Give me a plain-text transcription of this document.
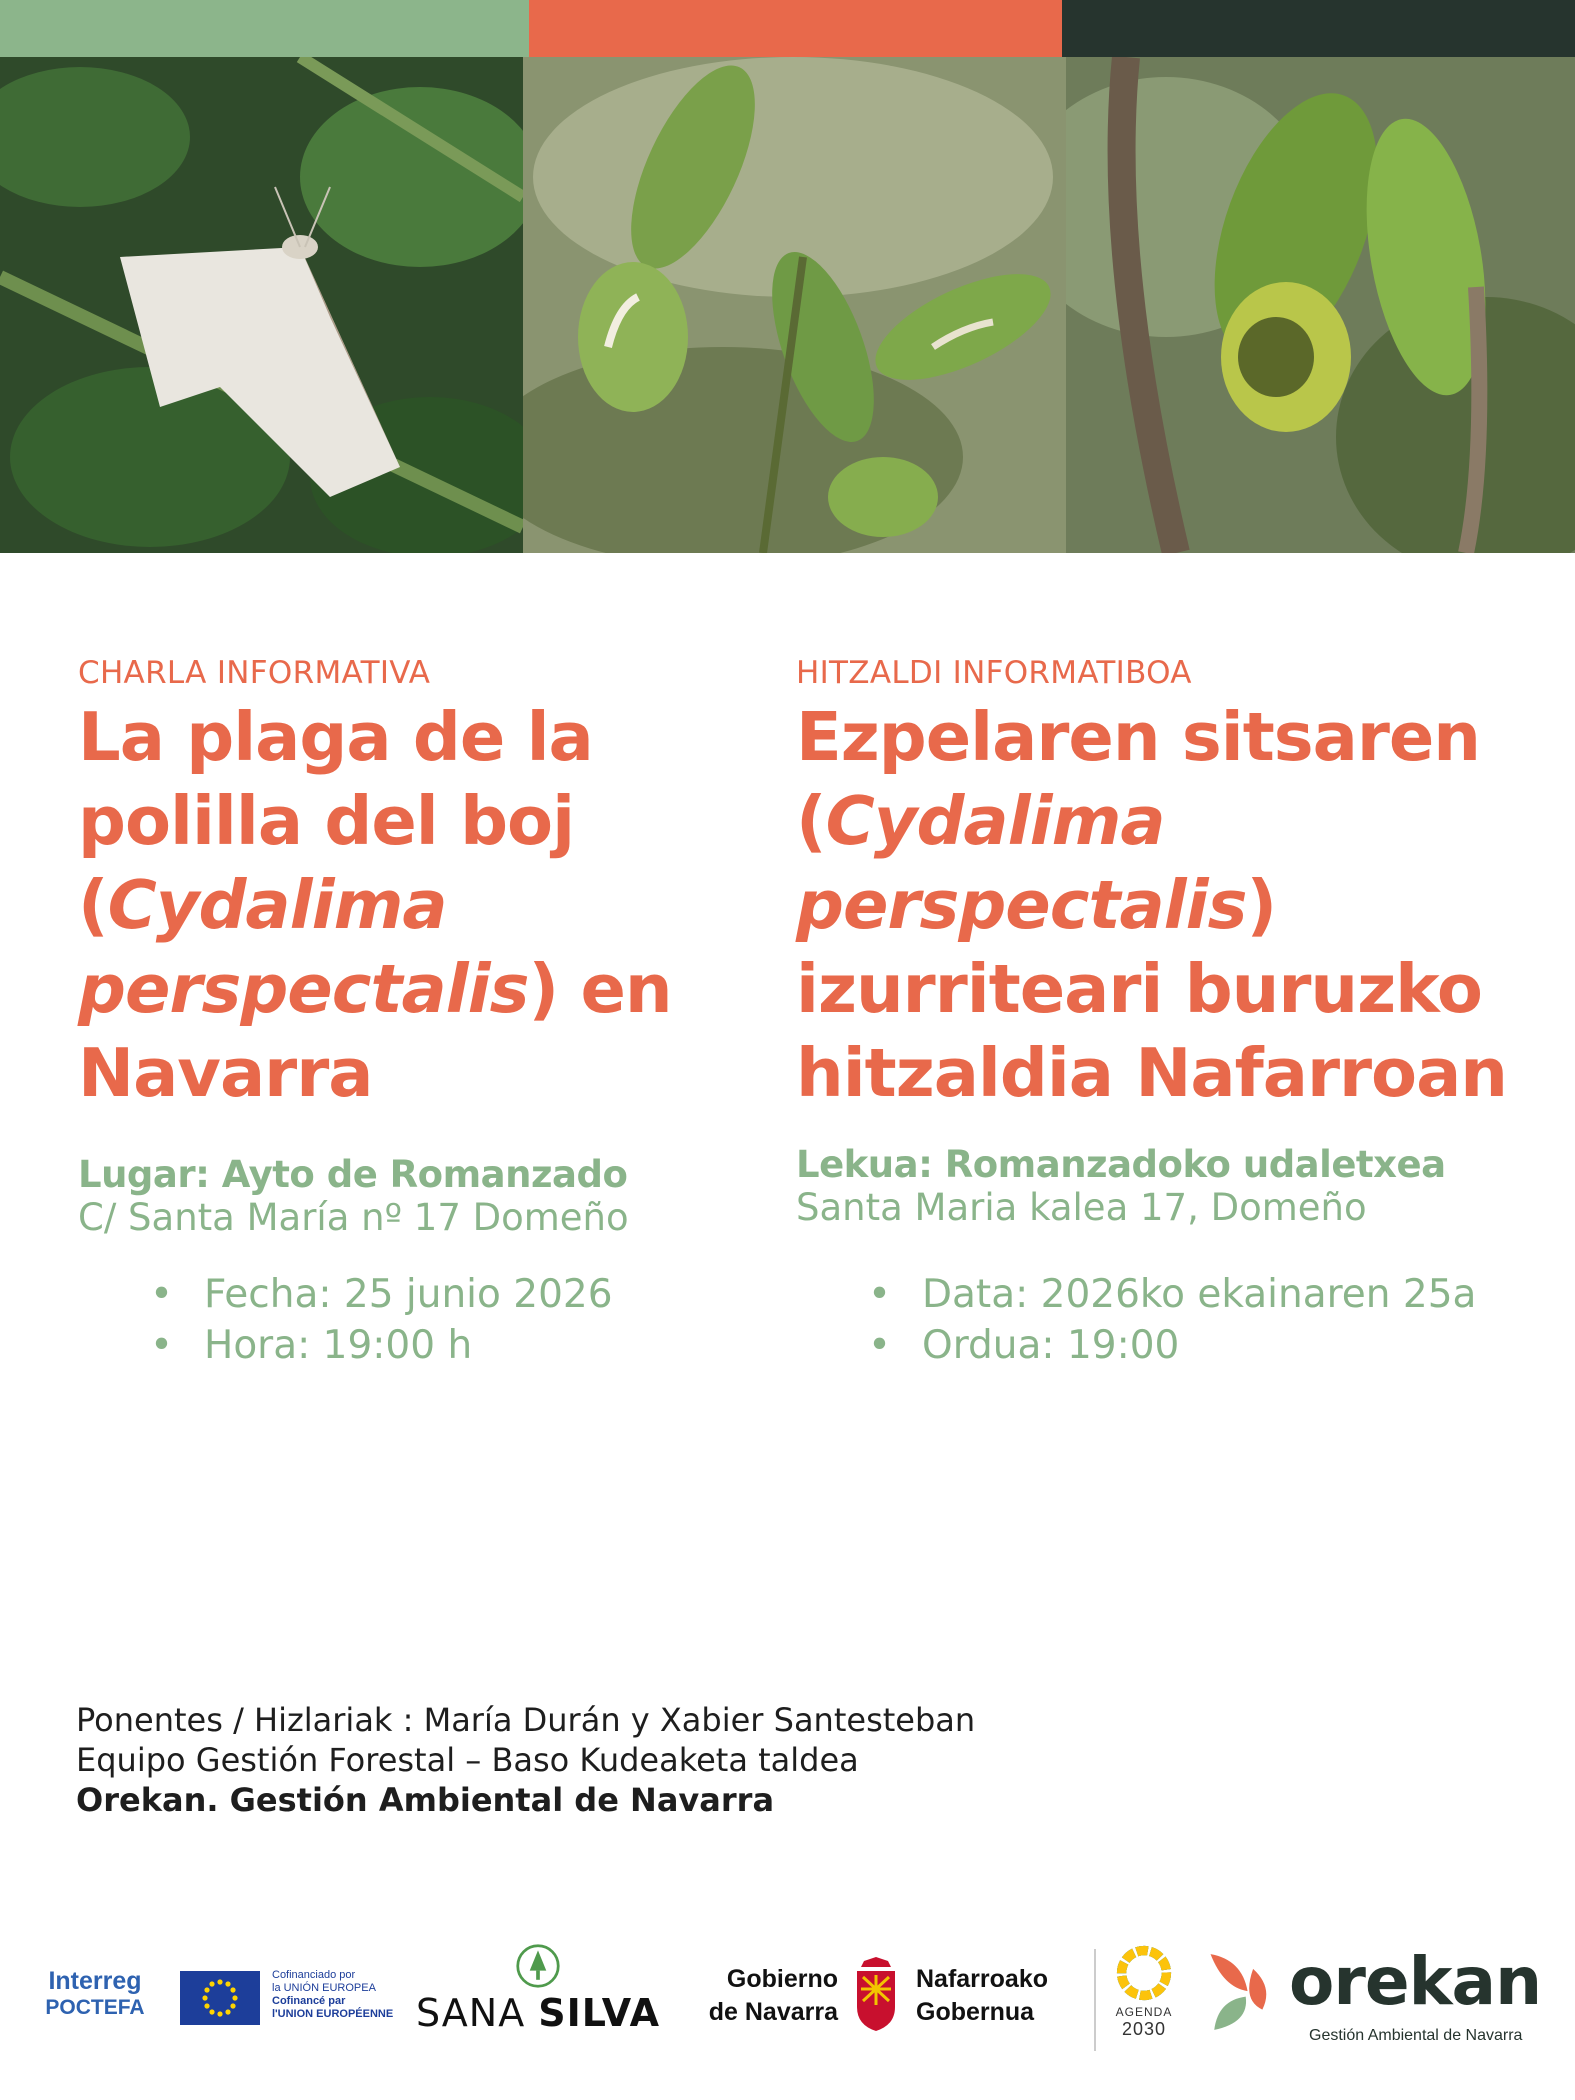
CHARLA INFORMATIVA

La plaga de la polilla del boj (Cydalima perspectalis) en Navarra

Lugar: Ayto de Romanzado

C/ Santa María nº 17 Domeño

• Fecha: 25 junio 2026
• Hora: 19:00 h

HITZALDI INFORMATIBOA

Ezpelaren sitsaren (Cydalima perspectalis) izurriteari buruzko hitzaldia Nafarroan

Lekua: Romanzadoko udaletxea

Santa Maria kalea 17, Domeño

• Data: 2026ko ekainaren 25a
• Ordua: 19:00

Ponentes / Hizlariak : María Durán y Xabier Santesteban

Equipo Gestión Forestal – Baso Kudeaketa taldea

Orekan. Gestión Ambiental de Navarra

Interreg
POCTEFA
Cofinanciado por
la UNIÓN EUROPEA
Cofinancé par
l'UNION EUROPÉENNE SANA SILVA
Gobierno
de Navarra
Nafarroako
Gobernua	AGENDA
2030
orekan
Gestión Ambiental de Navarra
